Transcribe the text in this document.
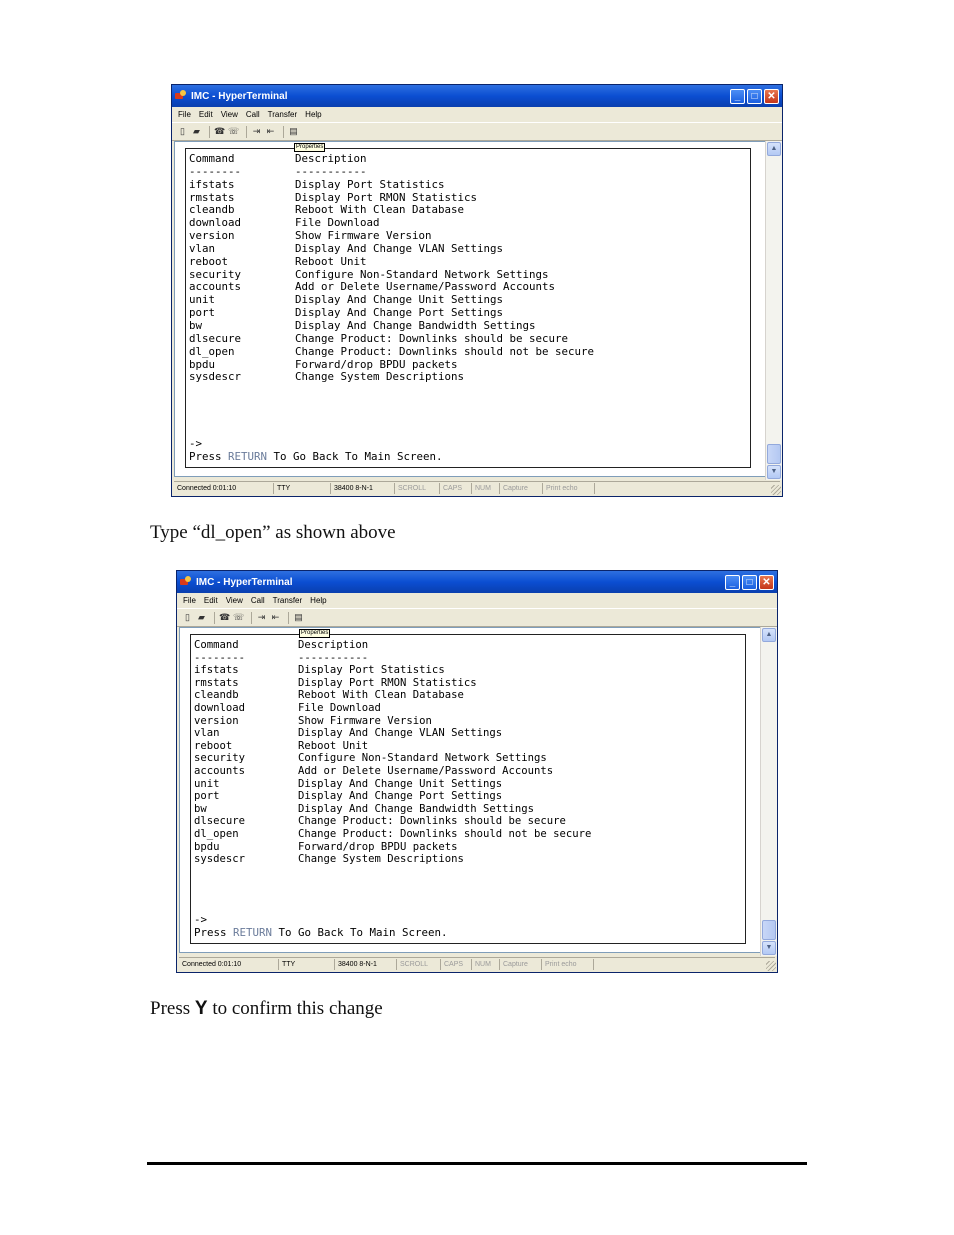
IMC - HyperTerminal	_	□ ✕
File Edit View Call Transfer Help
▯ ▰ ☎ ☏ ⇥ ⇤ ▤
Properties
Command	Description
--------	-----------
ifstats	Display Port Statistics
rmstats	Display Port RMON Statistics
cleandb	Reboot With Clean Database
download	File Download
version	Show Firmware Version
vlan	Display And Change VLAN Settings
reboot	Reboot Unit
security	Configure Non-Standard Network Settings
accounts	Add or Delete Username/Password Accounts
unit	Display And Change Unit Settings
port	Display And Change Port Settings
bw	Display And Change Bandwidth Settings
dlsecure	Change Product: Downlinks should be secure
dl_open	Change Product: Downlinks should not be secure
bpdu	Forward/drop BPDU packets
sysdescr	Change System Descriptions
->
Press RETURN To Go Back To Main Screen.
▲
▼
Connected 0:01:10	TTY	38400 8-N-1	SCROLL	CAPS	NUM	Capture	Print echo
Type “dl_open” as shown above
IMC - HyperTerminal	_	□ ✕
File Edit View Call Transfer Help
▯ ▰ ☎ ☏ ⇥ ⇤ ▤
Properties
Command	Description
--------	-----------
ifstats	Display Port Statistics
rmstats	Display Port RMON Statistics
cleandb	Reboot With Clean Database
download	File Download
version	Show Firmware Version
vlan	Display And Change VLAN Settings
reboot	Reboot Unit
security	Configure Non-Standard Network Settings
accounts	Add or Delete Username/Password Accounts
unit	Display And Change Unit Settings
port	Display And Change Port Settings
bw	Display And Change Bandwidth Settings
dlsecure	Change Product: Downlinks should be secure
dl_open	Change Product: Downlinks should not be secure
bpdu	Forward/drop BPDU packets
sysdescr	Change System Descriptions
->
Press RETURN To Go Back To Main Screen.
▲
▼
Connected 0:01:10	TTY	38400 8-N-1	SCROLL	CAPS	NUM	Capture	Print echo
Press Y to confirm this change
